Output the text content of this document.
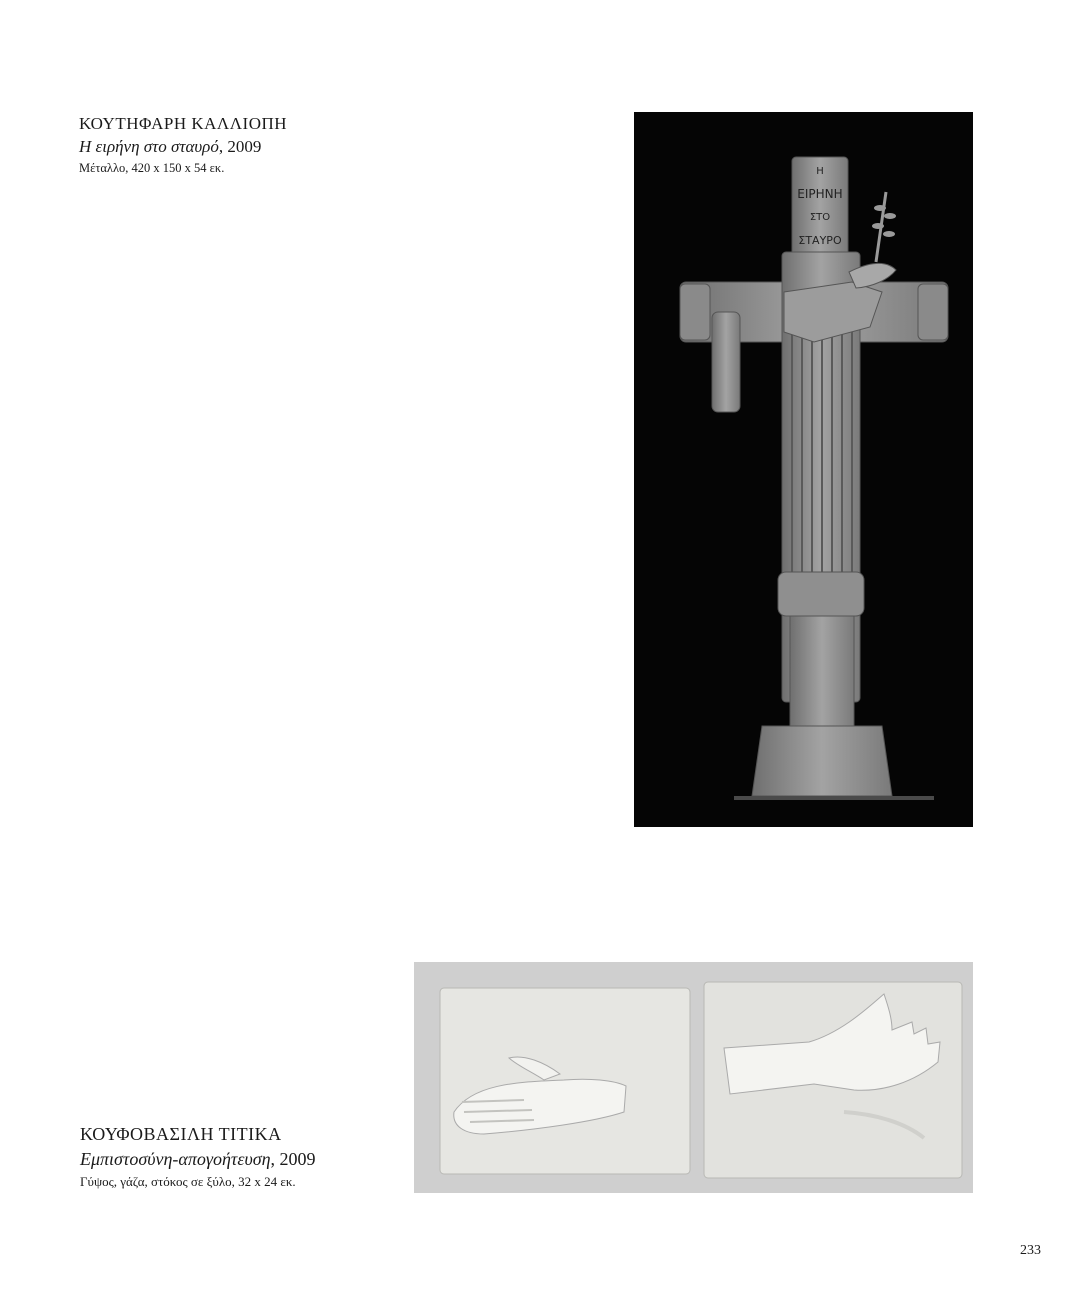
ΚΟΥΤΗΦΑΡΗ ΚΑΛΛΙΟΠΗ
Η ειρήνη στο σταυρό, 2009
Μέταλλο, 420 x 150 x 54 εκ.	Η
ΕΙΡΗΝΗ
ΣΤΟ
ΣΤΑΥΡΟ
ΚΟΥΦΟΒΑΣΙΛΗ ΤΙΤΙΚΑ
Εμπιστοσύνη-απογοήτευση, 2009
Γύψος, γάζα, στόκος σε ξύλο, 32 x 24 εκ.
233
